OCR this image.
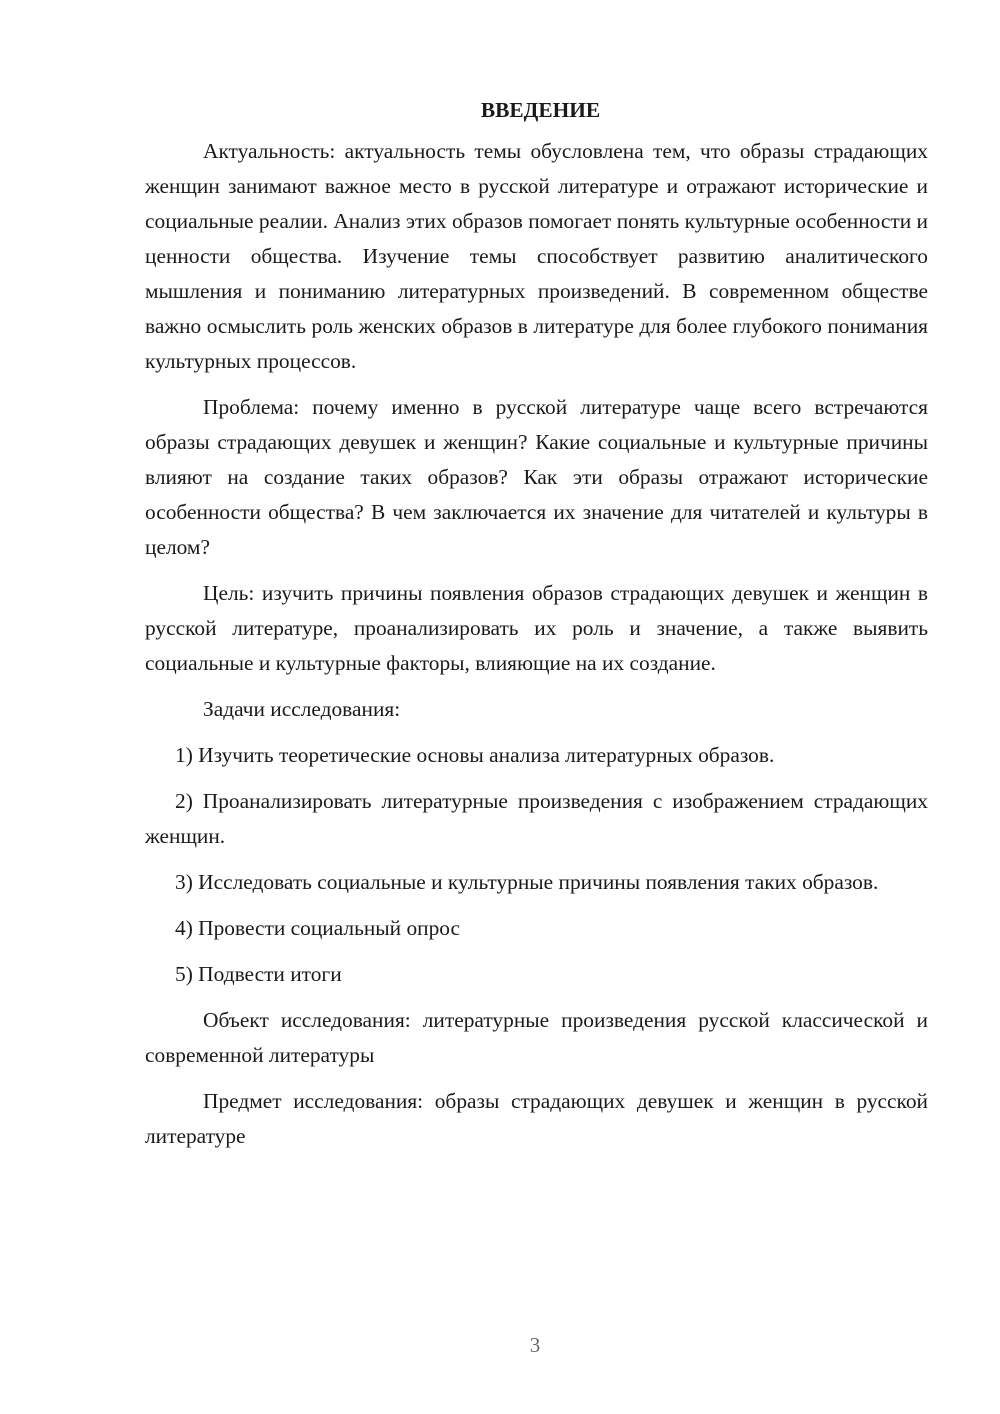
ВВЕДЕНИЕ

Актуальность: актуальность темы обусловлена тем, что образы страдающих женщин занимают важное место в русской литературе и отражают исторические и социальные реалии. Анализ этих образов помогает понять культурные особенности и ценности общества. Изучение темы способствует развитию аналитического мышления и пониманию литературных произведений. В современном обществе важно осмыслить роль женских образов в литературе для более глубокого понимания культурных процессов.

Проблема: почему именно в русской литературе чаще всего встречаются образы страдающих девушек и женщин? Какие социальные и культурные причины влияют на создание таких образов? Как эти образы отражают исторические особенности общества? В чем заключается их значение для читателей и культуры в целом?

Цель: изучить причины появления образов страдающих девушек и женщин в русской литературе, проанализировать их роль и значение, а также выявить социальные и культурные факторы, влияющие на их создание.

Задачи исследования:

1) Изучить теоретические основы анализа литературных образов.

2) Проанализировать литературные произведения с изображением страдающих женщин.

3) Исследовать социальные и культурные причины появления таких образов.

4) Провести социальный опрос

5) Подвести итоги

Объект исследования: литературные произведения русской классической и современной литературы

Предмет исследования: образы страдающих девушек и женщин в русской литературе

3
